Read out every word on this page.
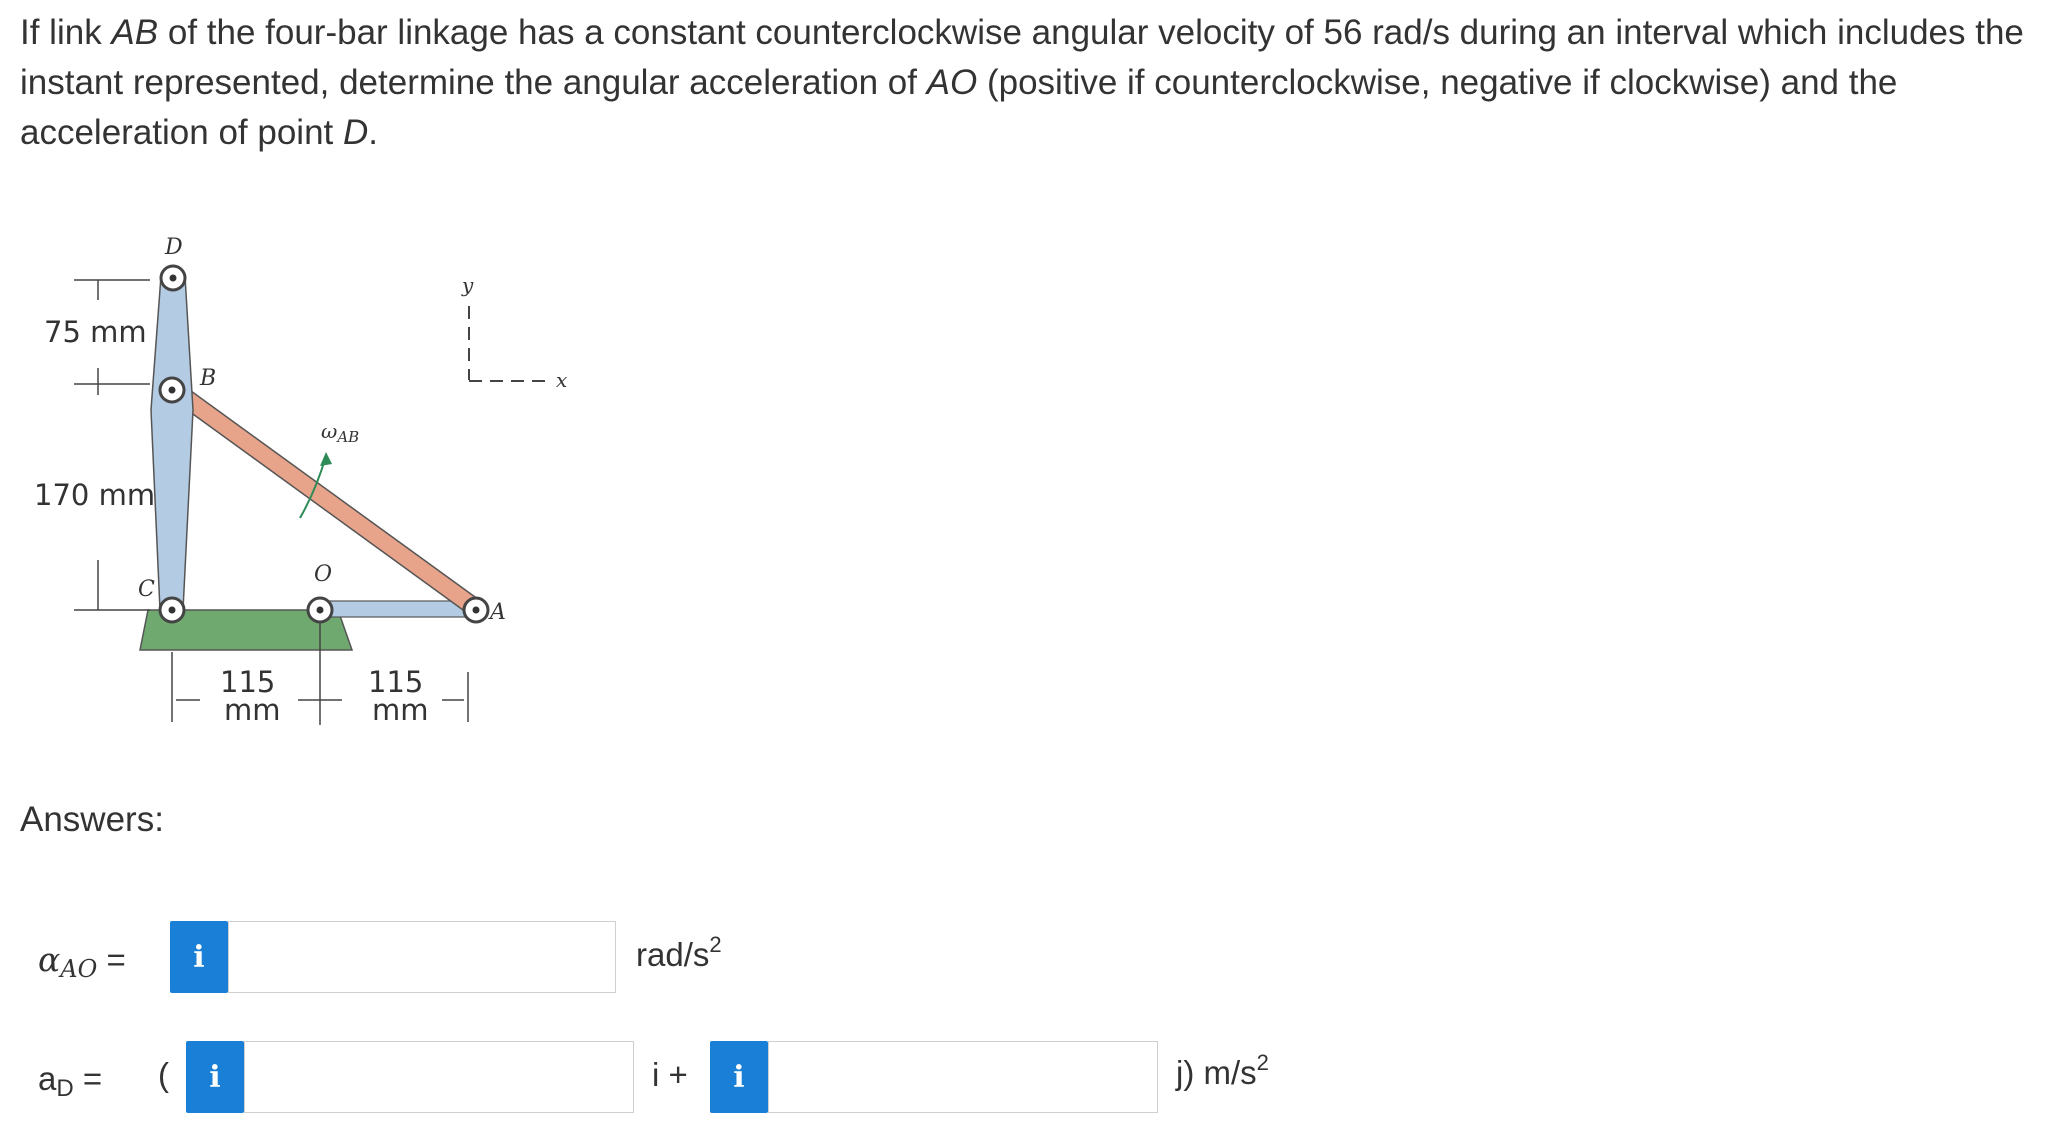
If link AB of the four-bar linkage has a constant counterclockwise angular velocity of 56 rad/s during an interval which includes the instant represented, determine the angular acceleration of AO (positive if counterclockwise, negative if clockwise) and the acceleration of point D.

D
B
C
O
A
$\omega_{AB}$
y
x
75 mm
170 mm
115
mm
115
mm
Answers:
$\alpha_{AO}$ =	i	rad/$s^2$
$a_D$ = (	i	i +	i	j) $m/s^2$
